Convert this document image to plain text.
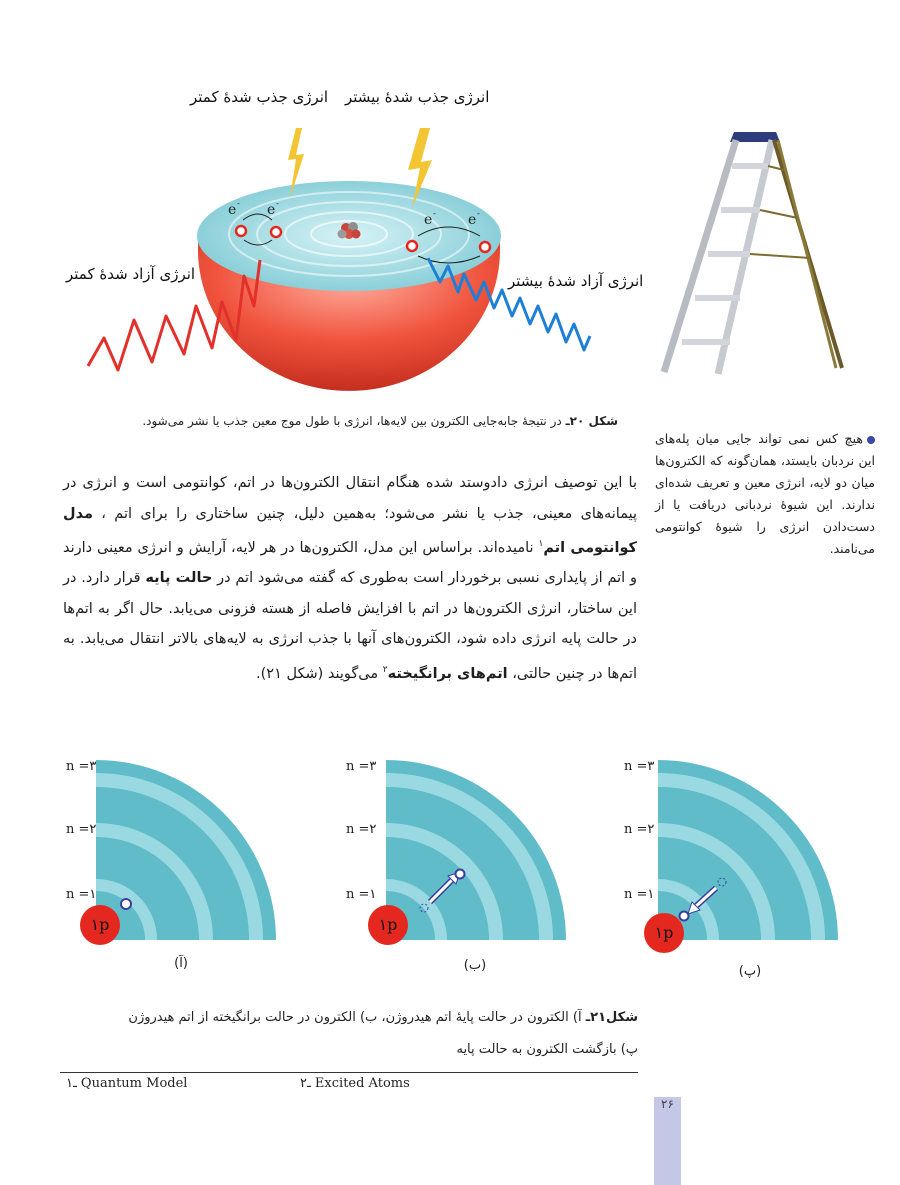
انرژی جذب شدهٔ بیشتر
انرژی جذب شدهٔ کمتر
انرژی آزاد شدهٔ کمتر	انرژی آزاد شدهٔ بیشتر
e - e -
e - e -
شکل ۲۰ـ در نتیجهٔ جابه‌جایی الکترون بین لایه‌ها، انرژی با طول موج معین جذب یا نشر می‌شود.
هیچ کس نمی تواند جایی میان پله‌های این نردبان بایستد، همان‌گونه که الکترون‌ها میان دو لایه، انرژی معین و تعریف شده‌ای ندارند. این شیوهٔ نردبانی دریافت یا از دست‌دادن انرژی را شیوهٔ کوانتومی می‌نامند.
با این توصیف انرژی داد‌وستد شده هنگام انتقال الکترون‌ها در اتم، کوانتومی است و انرژی در پیمانه‌های معینی، جذب یا نشر می‌شود؛ به‌همین دلیل، چنین ساختاری را برای اتم ، مدل کوانتومی اتم$^۱$ نامیده‌اند. براساس این مدل، الکترون‌ها در هر لایه، آرایش و انرژی معینی دارند و اتم از پایداری نسبی برخوردار است به‌طوری که گفته می‌شود اتم در حالت پایه قرار دارد. در این ساختار، انرژی الکترون‌ها در اتم با افزایش فاصله از هسته فزونی می‌یابد. حال اگر به اتم‌ها در حالت پایه انرژی داده شود، الکترون‌های آنها با جذب انرژی به لایه‌های بالاتر انتقال می‌یابد. به اتم‌ها در چنین حالتی، اتم‌های برانگیخته$^۲$ می‌گویند (شکل ۲۱).
n =۳
n =۲
n =۱
۱p
(آ)
n =۳
n =۲
n =۱
۱p
(ب)
n =۳
n =۲
n =۱
۱p
(پ)
شکل۲۱ـ آ) الکترون در حالت پایهٔ اتم هیدروژن، ب) الکترون در حالت برانگیخته از اتم هیدروژن
پ) بازگشت الکترون به حالت پایه
۱ـ Quantum Model	۲ـ Excited Atoms
۲۶
